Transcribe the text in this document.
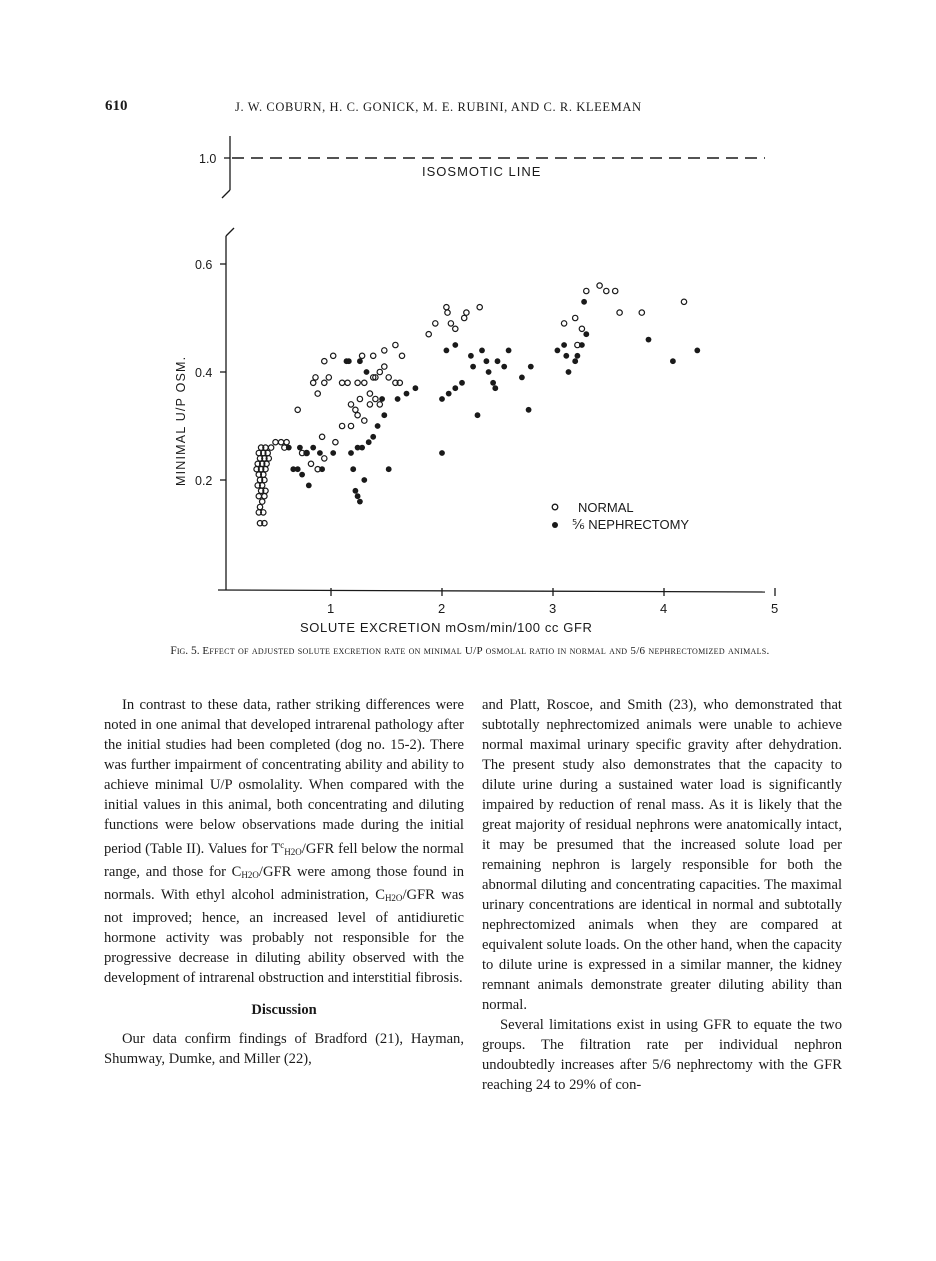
610	J. W. COBURN, H. C. GONICK, M. E. RUBINI, AND C. R. KLEEMAN
ISOSMOTIC LINE
0.2
0.4
0.6
1.0
1	2	3	4	5
MINIMAL U/P OSM.
SOLUTE EXCRETION mOsm/min/100 cc GFR
NORMAL
⅚ NEPHRECTOMY
Fig. 5. Effect of adjusted solute excretion rate on minimal U/P osmolal ratio in normal and 5/6 nephrectomized animals.

In contrast to these data, rather striking differences were noted in one animal that developed intrarenal pathology after the initial studies had been completed (dog no. 15-2). There was further impairment of concentrating ability and ability to achieve minimal U/P osmolality. When compared with the initial values in this animal, both concentrating and diluting functions were below observations made during the initial period (Table II). Values for $T^c_{H2O}$/GFR fell below the normal range, and those for $C_{H2O}$/GFR were among those found in normals. With ethyl alcohol administration, $C_{H2O}$/GFR was not improved; hence, an increased level of antidiuretic hormone activity was probably not responsible for the progressive decrease in diluting ability observed with the development of intrarenal obstruction and interstitial fibrosis.

Discussion

Our data confirm findings of Bradford (21), Hayman, Shumway, Dumke, and Miller (22),

and Platt, Roscoe, and Smith (23), who demonstrated that subtotally nephrectomized animals were unable to achieve normal maximal urinary specific gravity after dehydration. The present study also demonstrates that the capacity to dilute urine during a sustained water load is significantly impaired by reduction of renal mass. As it is likely that the great majority of residual nephrons were anatomically intact, it may be presumed that the increased solute load per remaining nephron is largely responsible for both the abnormal diluting and concentrating capacities. The maximal urinary concentrations are identical in normal and subtotally nephrectomized animals when they are compared at equivalent solute loads. On the other hand, when the capacity to dilute urine is expressed in a similar manner, the kidney remnant animals demonstrate greater diluting ability than normal.

Several limitations exist in using GFR to equate the two groups. The filtration rate per individual nephron undoubtedly increases after 5/6 nephrectomy with the GFR reaching 24 to 29% of con-
